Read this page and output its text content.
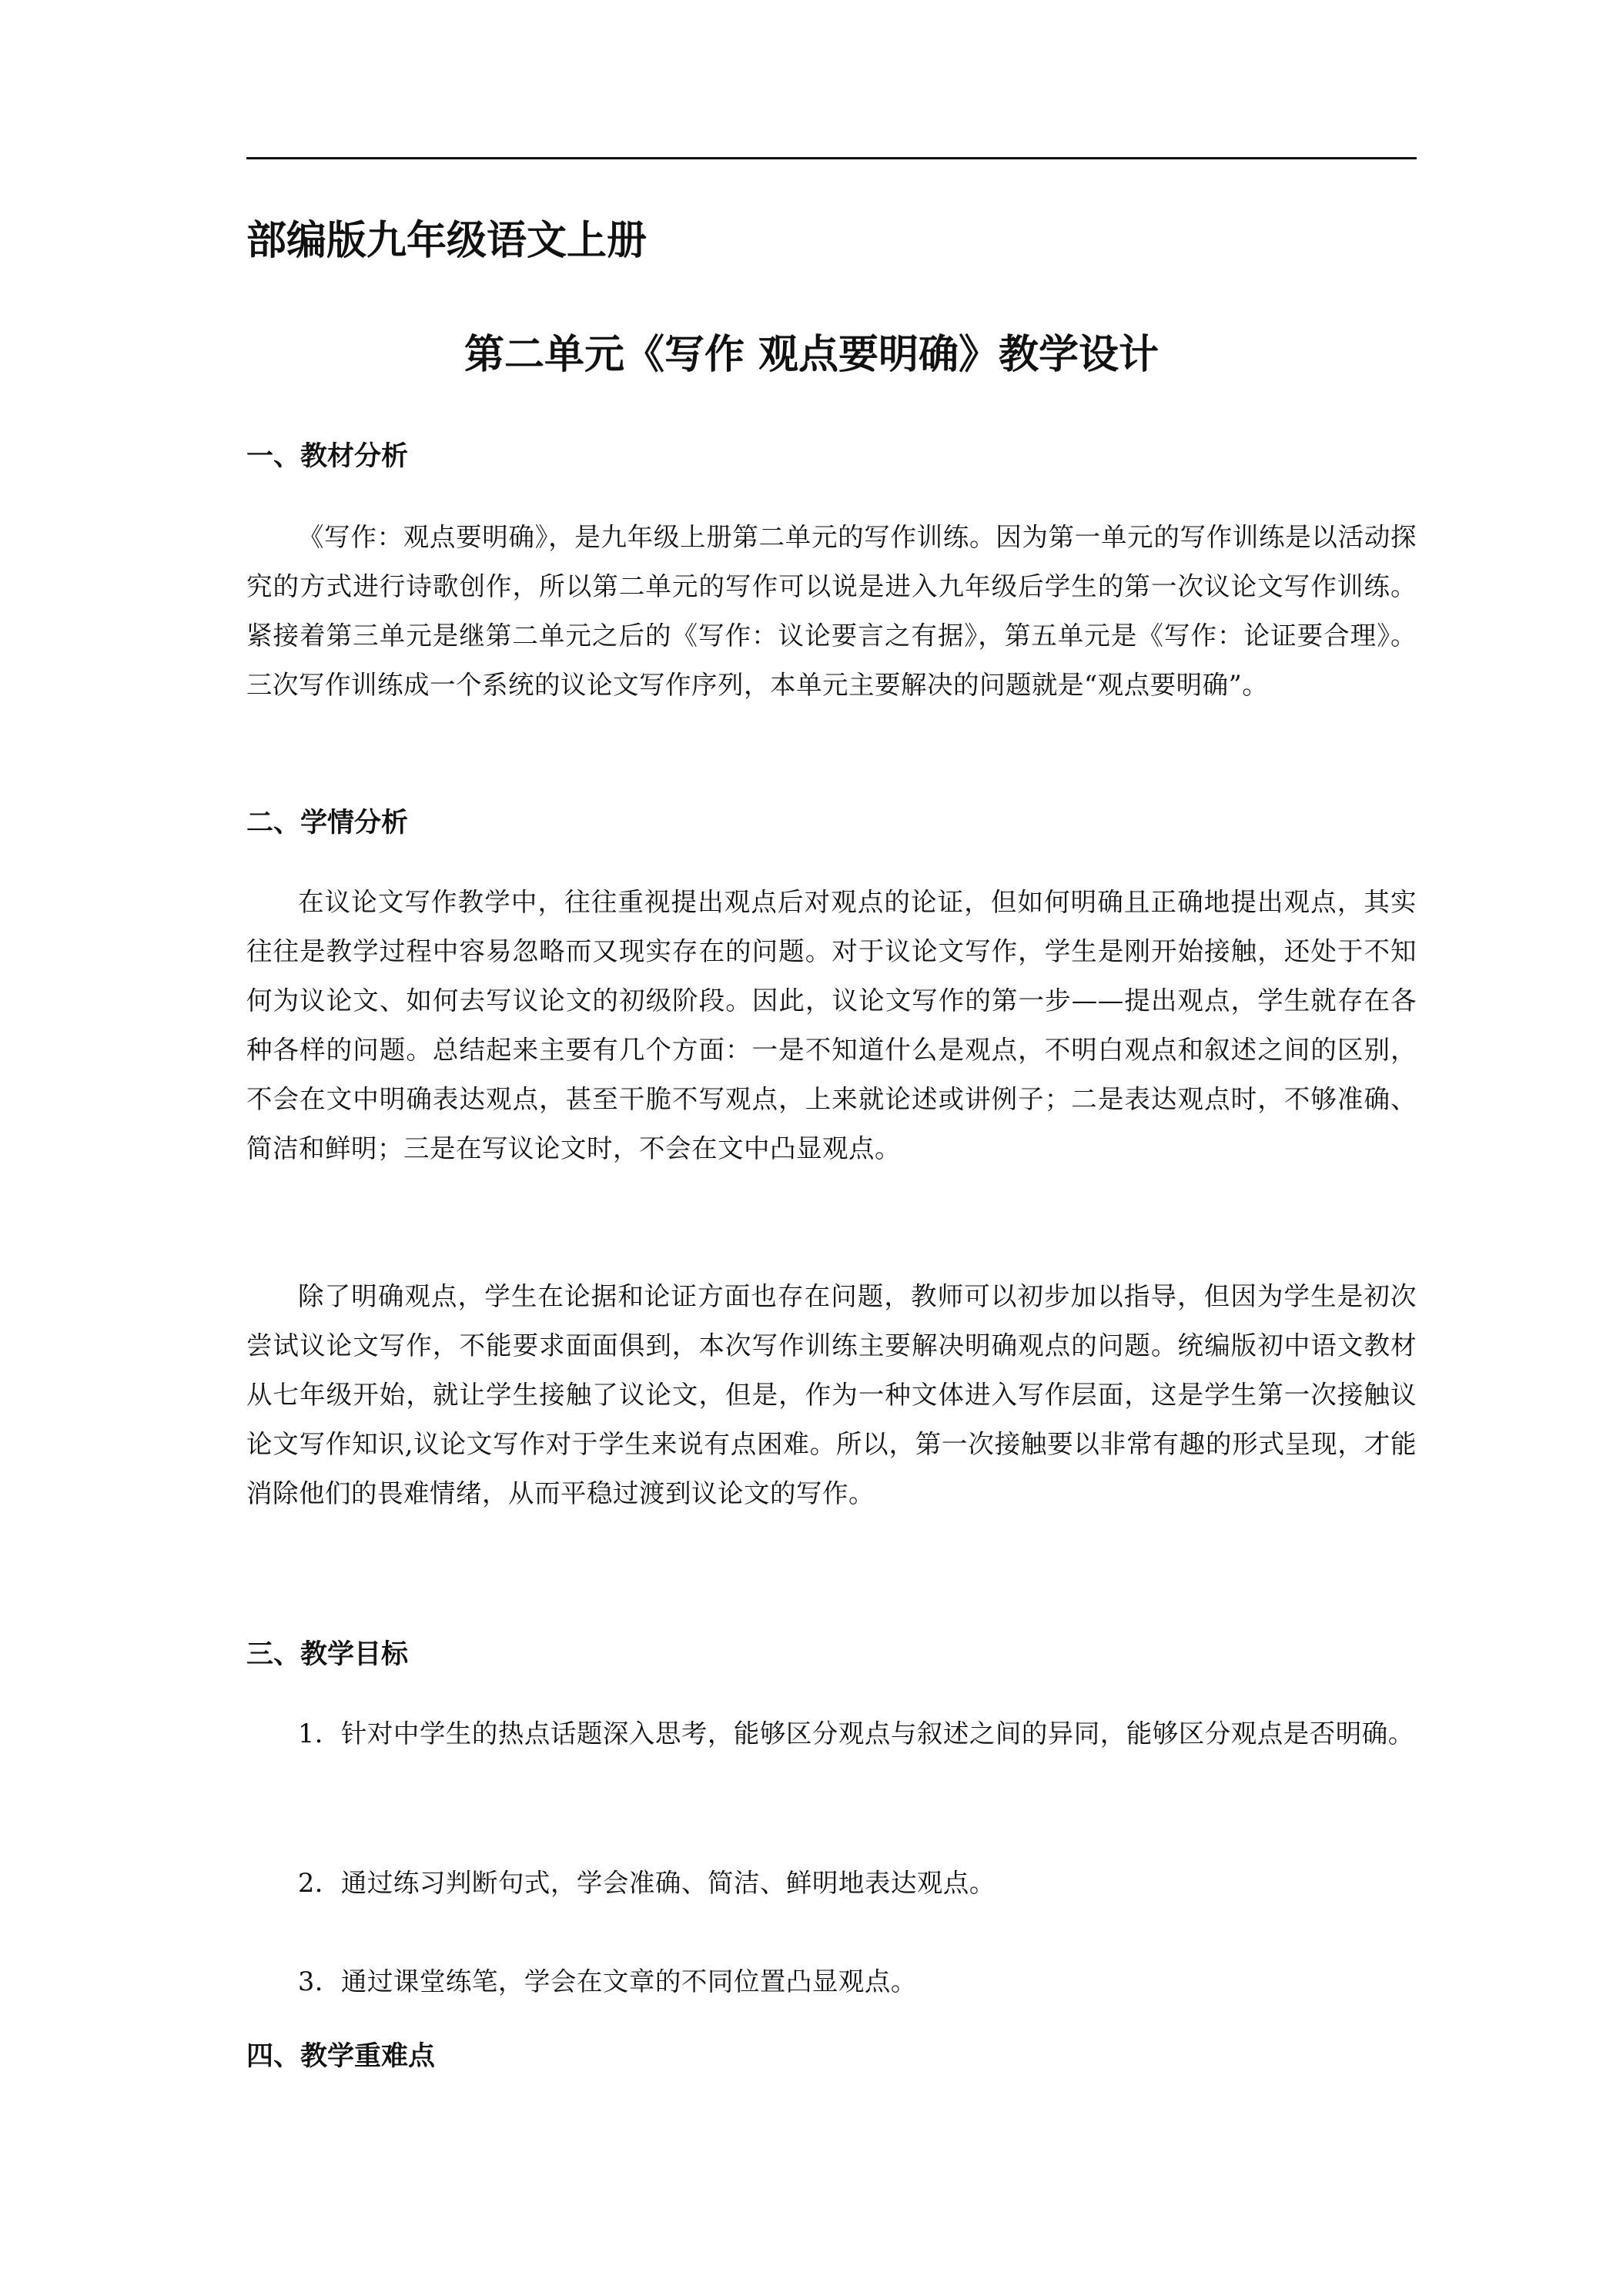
部编版九年级语文上册
第二单元《写作 观点要明确》教学设计
一、教材分析
《写作：观点要明确》，是九年级上册第二单元的写作训练。因为第一单元的写作训练是以活动探究的方式进行诗歌创作，所以第二单元的写作可以说是进入九年级后学生的第一次议论文写作训练。紧接着第三单元是继第二单元之后的《写作：议论要言之有据》，第五单元是《写作：论证要合理》。三次写作训练成一个系统的议论文写作序列，本单元主要解决的问题就是“观点要明确”。
二、学情分析
在议论文写作教学中，往往重视提出观点后对观点的论证，但如何明确且正确地提出观点，其实往往是教学过程中容易忽略而又现实存在的问题。对于议论文写作，学生是刚开始接触，还处于不知何为议论文、如何去写议论文的初级阶段。因此，议论文写作的第一步——提出观点，学生就存在各种各样的问题。总结起来主要有几个方面：一是不知道什么是观点，不明白观点和叙述之间的区别，不会在文中明确表达观点，甚至干脆不写观点，上来就论述或讲例子；二是表达观点时，不够准确、简洁和鲜明；三是在写议论文时，不会在文中凸显观点。
除了明确观点，学生在论据和论证方面也存在问题，教师可以初步加以指导，但因为学生是初次尝试议论文写作，不能要求面面俱到，本次写作训练主要解决明确观点的问题。统编版初中语文教材从七年级开始，就让学生接触了议论文，但是，作为一种文体进入写作层面，这是学生第一次接触议论文写作知识,议论文写作对于学生来说有点困难。所以，第一次接触要以非常有趣的形式呈现，才能消除他们的畏难情绪，从而平稳过渡到议论文的写作。
三、教学目标
1．针对中学生的热点话题深入思考，能够区分观点与叙述之间的异同，能够区分观点是否明确。
2．通过练习判断句式，学会准确、简洁、鲜明地表达观点。
3．通过课堂练笔，学会在文章的不同位置凸显观点。
四、教学重难点
